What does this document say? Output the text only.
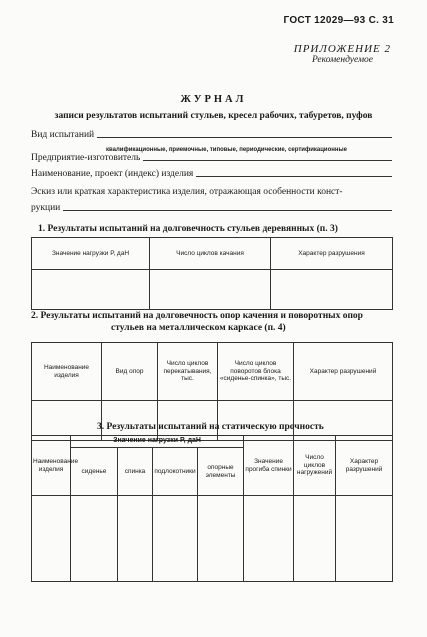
ГОСТ 12029—93 С. 31
ПРИЛОЖЕНИЕ 2
Рекомендуемое
ЖУРНАЛ
записи результатов испытаний стульев, кресел рабочих, табуретов, пуфов
Вид испытаний
квалификационные, приемочные, типовые, периодические, сертификационные
Предприятие-изготовитель
Наименование, проект (индекс) изделия
Эскиз или краткая характеристика изделия, отражающая особенности конст-
рукции
1. Результаты испытаний на долговечность стульев деревянных (п. 3)
Значение нагрузки Р, даН	Число циклов качания	Характер разрушения

2. Результаты испытаний на долговечность опор качения и поворотных опор
стульев на металлическом каркасе (п. 4)
Наименование изделия	Вид опор	Число циклов перекатывания, тыс.	Число циклов поворотов блока «сиденье-спинка», тыс.	Характер разрушений

3. Результаты испытаний на статическую прочность
Наименование изделия	Значение нагрузки Р, даН				Значение прогиба спинки	Число циклов нагружений	Характер разрушений
	сиденье	спинка	подлокотники	опорные элементы			
